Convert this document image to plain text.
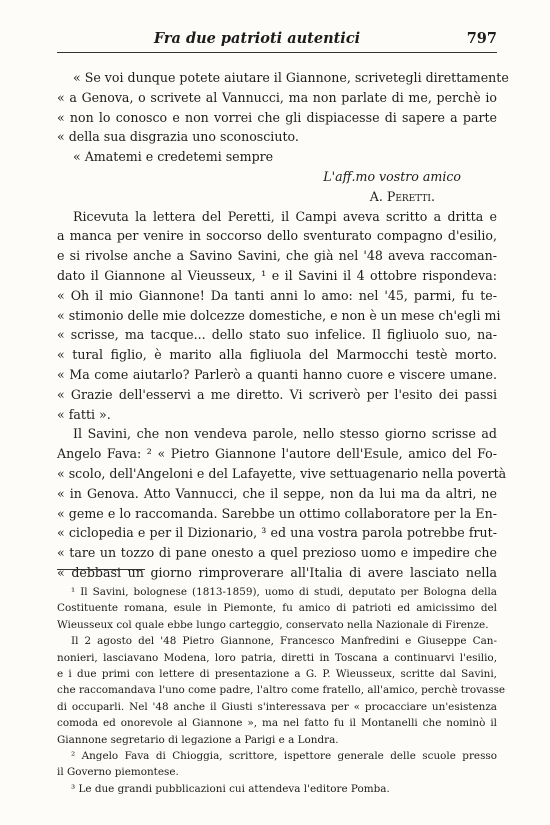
Fra due patrioti autentici	797
« Se voi dunque potete aiutare il Giannone, scrivetegli direttamente
« a Genova, o scrivete al Vannucci, ma non parlate di me, perchè io
« non lo conosco e non vorrei che gli dispiacesse di sapere a parte
« della sua disgrazia uno sconosciuto.
« Amatemi e credetemi sempre
L'aff.mo vostro amico
A. Peretti.
Ricevuta la lettera del Peretti, il Campi aveva scritto a dritta e
a manca per venire in soccorso dello sventurato compagno d'esilio,
e si rivolse anche a Savino Savini, che già nel '48 aveva raccoman-
dato il Giannone al Vieusseux, ¹ e il Savini il 4 ottobre rispondeva:
« Oh il mio Giannone! Da tanti anni lo amo: nel '45, parmi, fu te-
« stimonio delle mie dolcezze domestiche, e non è un mese ch'egli mi
« scrisse, ma tacque... dello stato suo infelice. Il figliuolo suo, na-
« tural figlio, è marito alla figliuola del Marmocchi testè morto.
« Ma come aiutarlo? Parlerò a quanti hanno cuore e viscere umane.
« Grazie dell'esservi a me diretto. Vi scriverò per l'esito dei passi
« fatti ».
Il Savini, che non vendeva parole, nello stesso giorno scrisse ad
Angelo Fava: ² « Pietro Giannone l'autore dell'Esule, amico del Fo-
« scolo, dell'Angeloni e del Lafayette, vive settuagenario nella povertà
« in Genova. Atto Vannucci, che il seppe, non da lui ma da altri, ne
« geme e lo raccomanda. Sarebbe un ottimo collaboratore per la En-
« ciclopedia e per il Dizionario, ³ ed una vostra parola potrebbe frut-
« tare un tozzo di pane onesto a quel prezioso uomo e impedire che
« debbasi un giorno rimproverare all'Italia di avere lasciato nella
¹ Il Savini, bolognese (1813-1859), uomo di studi, deputato per Bologna della
Costituente romana, esule in Piemonte, fu amico di patrioti ed amicissimo del
Wieusseux col quale ebbe lungo carteggio, conservato nella Nazionale di Firenze.
Il 2 agosto del '48 Pietro Giannone, Francesco Manfredini e Giuseppe Can-
nonieri, lasciavano Modena, loro patria, diretti in Toscana a continuarvi l'esilio,
e i due primi con lettere di presentazione a G. P. Wieusseux, scritte dal Savini,
che raccomandava l'uno come padre, l'altro come fratello, all'amico, perchè trovasse
di occuparli. Nel '48 anche il Giusti s'interessava per « procacciare un'esistenza
comoda ed onorevole al Giannone », ma nel fatto fu il Montanelli che nominò il
Giannone segretario di legazione a Parigi e a Londra.
² Angelo Fava di Chioggia, scrittore, ispettore generale delle scuole presso
il Governo piemontese.
³ Le due grandi pubblicazioni cui attendeva l'editore Pomba.
